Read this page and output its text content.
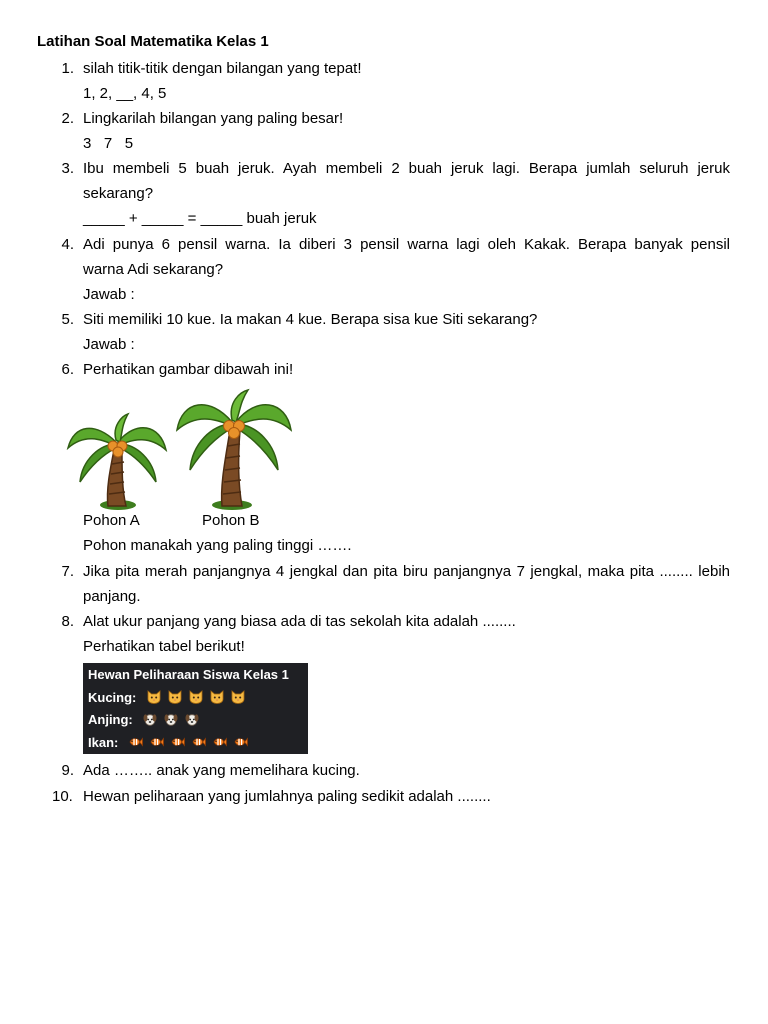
Latihan Soal Matematika Kelas 1
1. silah titik-titik dengan bilangan yang tepat!
1, 2, __, 4, 5
2. Lingkarilah bilangan yang paling besar!
3   7   5
3. Ibu membeli 5 buah jeruk. Ayah membeli 2 buah jeruk lagi. Berapa jumlah seluruh jeruk
sekarang?
_____ + _____ = _____ buah jeruk
4. Adi punya 6 pensil warna. Ia diberi 3 pensil warna lagi oleh Kakak. Berapa banyak pensil
warna Adi sekarang?
Jawab :
5. Siti memiliki 10 kue. Ia makan 4 kue. Berapa sisa kue Siti sekarang?
Jawab :
6. Perhatikan gambar dibawah ini!
Pohon A	Pohon B
Pohon manakah yang paling tinggi …….
7. Jika pita merah panjangnya 4 jengkal dan pita biru panjangnya 7 jengkal, maka pita ........ lebih
panjang.
8. Alat ukur panjang yang biasa ada di tas sekolah kita adalah ........
Perhatikan tabel berikut!
Hewan Peliharaan Siswa Kelas 1
Kucing:
Anjing:
Ikan:
9. Ada …….. anak yang memelihara kucing.
10. Hewan peliharaan yang jumlahnya paling sedikit adalah ........
